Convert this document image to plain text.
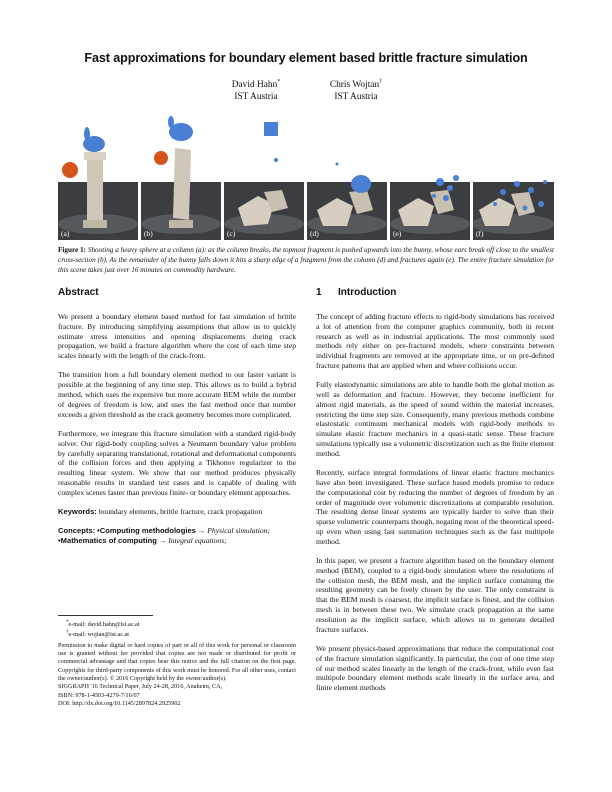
Fast approximations for boundary element based brittle fracture simulation
David Hahn*
IST Austria
Chris Wojtan†
IST Austria
(a)	(b)	(c)	(d)	(e)	(f)
Figure 1: Shooting a heavy sphere at a column (a): as the column breaks, the topmost fragment is pushed upwards into the bunny, whose ears break off close to the smallest cross-section (b). As the remainder of the bunny falls down it hits a sharp edge of a fragment from the column (d) and fractures again (e). The entire fracture simulation for this scene takes just over 16 minutes on commodity hardware.
Abstract

We present a boundary element based method for fast simulation of brittle fracture. By introducing simplifying assumptions that allow us to quickly estimate stress intensities and opening displacements during crack propagation, we build a fracture algorithm where the cost of each time step scales linearly with the length of the crack-front.

The transition from a full boundary element method to our faster variant is possible at the beginning of any time step. This allows us to build a hybrid method, which uses the expensive but more accurate BEM while the number of degrees of freedom is low, and uses the fast method once that number exceeds a given threshold as the crack geometry becomes more complicated.

Furthermore, we integrate this fracture simulation with a standard rigid-body solver. Our rigid-body coupling solves a Neumann boundary value problem by carefully separating translational, rotational and deformational components of the collision forces and then applying a Tikhonov regularizer to the resulting linear system. We show that our method produces physically reasonable results in standard test cases and is capable of dealing with complex scenes faster than previous finite- or boundary element approaches.

Keywords: boundary elements, brittle fracture, crack propagation

Concepts: •Computing methodologies → Physical simulation;
•Mathematics of computing → Integral equations;

*e-mail: david.hahn@ist.ac.at
†e-mail: wojtan@ist.ac.at
Permission to make digital or hard copies of part or all of this work for personal or classroom use is granted without fee provided that copies are not made or distributed for profit or commercial advantage and that copies bear this notice and the full citation on the first page. Copyrights for third-party components of this work must be honored. For all other uses, contact the owner/author(s). © 2016 Copyright held by the owner/author(s).
SIGGRAPH '16 Technical Paper, July 24-28, 2016, Anaheim, CA,
ISBN: 978-1-4503-4279-7/16/07
DOI: http://dx.doi.org/10.1145/2897824.2925902
1 Introduction

The concept of adding fracture effects to rigid-body simulations has received a lot of attention from the computer graphics community, both in recent research as well as in industrial applications. The most commonly used methods rely either on pre-fractured models, where constraints between individual fragments are removed at the appropriate time, or on pre-defined fracture patterns that are applied when and where collisions occur.

Fully elastodynamic simulations are able to handle both the global motion as well as deformation and fracture. However, they become inefficient for almost rigid materials, as the speed of sound within the material increases, restricting the time step size. Consequently, many previous methods combine elastostatic continuum mechanical models with rigid-body methods to simulate elastic fracture mechanics in a quasi-static sense. These fracture simulations typically use a volumetric discretization such as the finite element method.

Recently, surface integral formulations of linear elastic fracture mechanics have also been investigated. These surface based models promise to reduce the computational cost by reducing the number of degrees of freedom by an order of magnitude over volumetric discretizations at comparable resolution. The resulting dense linear systems are typically harder to solve than their sparse volumetric counterparts though, negating most of the theoretical speed-up even when using fast summation techniques such as the fast multipole method.

In this paper, we present a fracture algorithm based on the boundary element method (BEM), coupled to a rigid-body simulation where the resolutions of the collision mesh, the BEM mesh, and the implicit surface containing the resulting geometry can be freely chosen by the user. The only constraint is that the BEM mesh is coarsest, the implicit surface is finest, and the collision mesh is in between these two. We simulate crack propagation at the same resolution as the implicit surface, which allows us to generate detailed fracture surfaces.

We present physics-based approximations that reduce the computational cost of the fracture simulation significantly. In particular, the cost of one time step of our method scales linearly in the length of the crack-front, while even fast multipole boundary element methods scale linearly in the surface area, and finite element methods
